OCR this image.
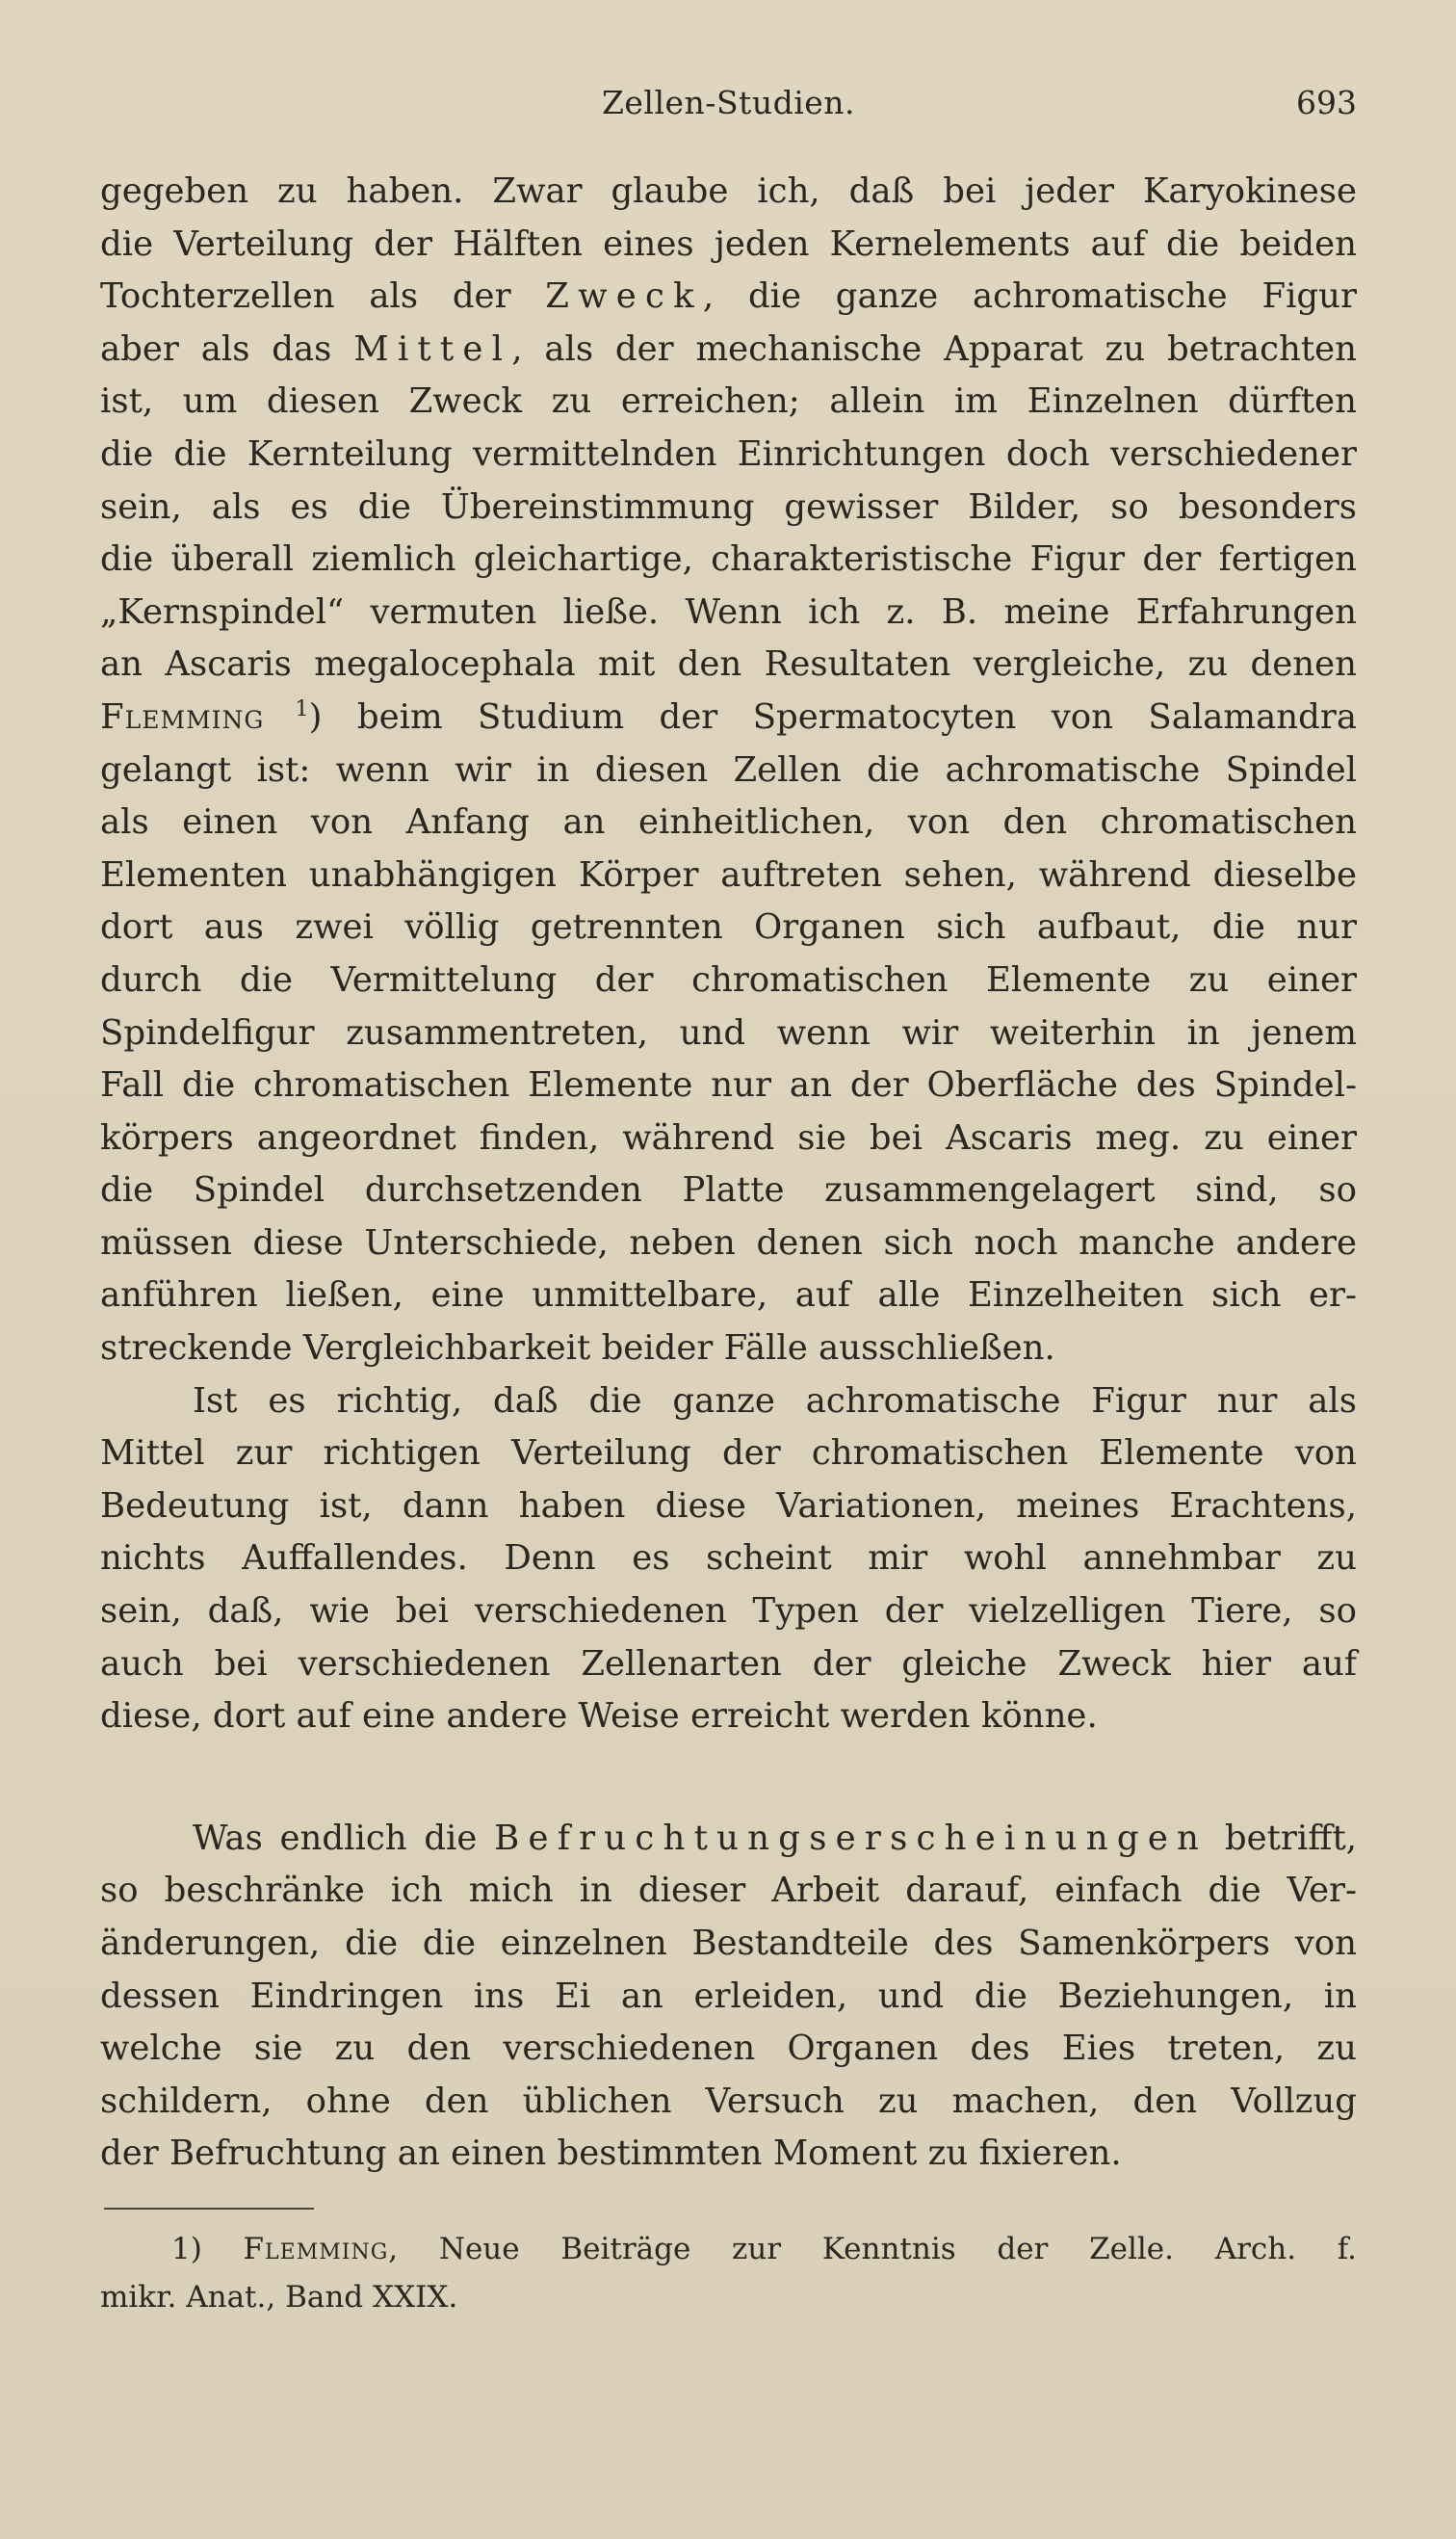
Zellen-Studien.	693

gegeben zu haben. Zwar glaube ich, daß bei jeder Karyokinese
die Verteilung der Hälften eines jeden Kernelements auf die beiden
Tochterzellen als der Zweck, die ganze achromatische Figur
aber als das Mittel, als der mechanische Apparat zu betrachten
ist, um diesen Zweck zu erreichen; allein im Einzelnen dürften
die die Kernteilung vermittelnden Einrichtungen doch verschiedener
sein, als es die Übereinstimmung gewisser Bilder, so besonders
die überall ziemlich gleichartige, charakteristische Figur der fertigen
„Kernspindel“ vermuten ließe. Wenn ich z. B. meine Erfahrungen
an Ascaris megalocephala mit den Resultaten vergleiche, zu denen
Flemming $^1$) beim Studium der Spermatocyten von Salamandra
gelangt ist: wenn wir in diesen Zellen die achromatische Spindel
als einen von Anfang an einheitlichen, von den chromatischen
Elementen unabhängigen Körper auftreten sehen, während dieselbe
dort aus zwei völlig getrennten Organen sich aufbaut, die nur
durch die Vermittelung der chromatischen Elemente zu einer
Spindelfigur zusammentreten, und wenn wir weiterhin in jenem
Fall die chromatischen Elemente nur an der Oberfläche des Spindel-
körpers angeordnet finden, während sie bei Ascaris meg. zu einer
die Spindel durchsetzenden Platte zusammengelagert sind, so
müssen diese Unterschiede, neben denen sich noch manche andere
anführen ließen, eine unmittelbare, auf alle Einzelheiten sich er-
streckende Vergleichbarkeit beider Fälle ausschließen.

Ist es richtig, daß die ganze achromatische Figur nur als
Mittel zur richtigen Verteilung der chromatischen Elemente von
Bedeutung ist, dann haben diese Variationen, meines Erachtens,
nichts Auffallendes. Denn es scheint mir wohl annehmbar zu
sein, daß, wie bei verschiedenen Typen der vielzelligen Tiere, so
auch bei verschiedenen Zellenarten der gleiche Zweck hier auf
diese, dort auf eine andere Weise erreicht werden könne.

Was endlich die Befruchtungserscheinungen betrifft,
so beschränke ich mich in dieser Arbeit darauf, einfach die Ver-
änderungen, die die einzelnen Bestandteile des Samenkörpers von
dessen Eindringen ins Ei an erleiden, und die Beziehungen, in
welche sie zu den verschiedenen Organen des Eies treten, zu
schildern, ohne den üblichen Versuch zu machen, den Vollzug
der Befruchtung an einen bestimmten Moment zu fixieren.

1) Flemming, Neue Beiträge zur Kenntnis der Zelle. Arch. f.
mikr. Anat., Band XXIX.
